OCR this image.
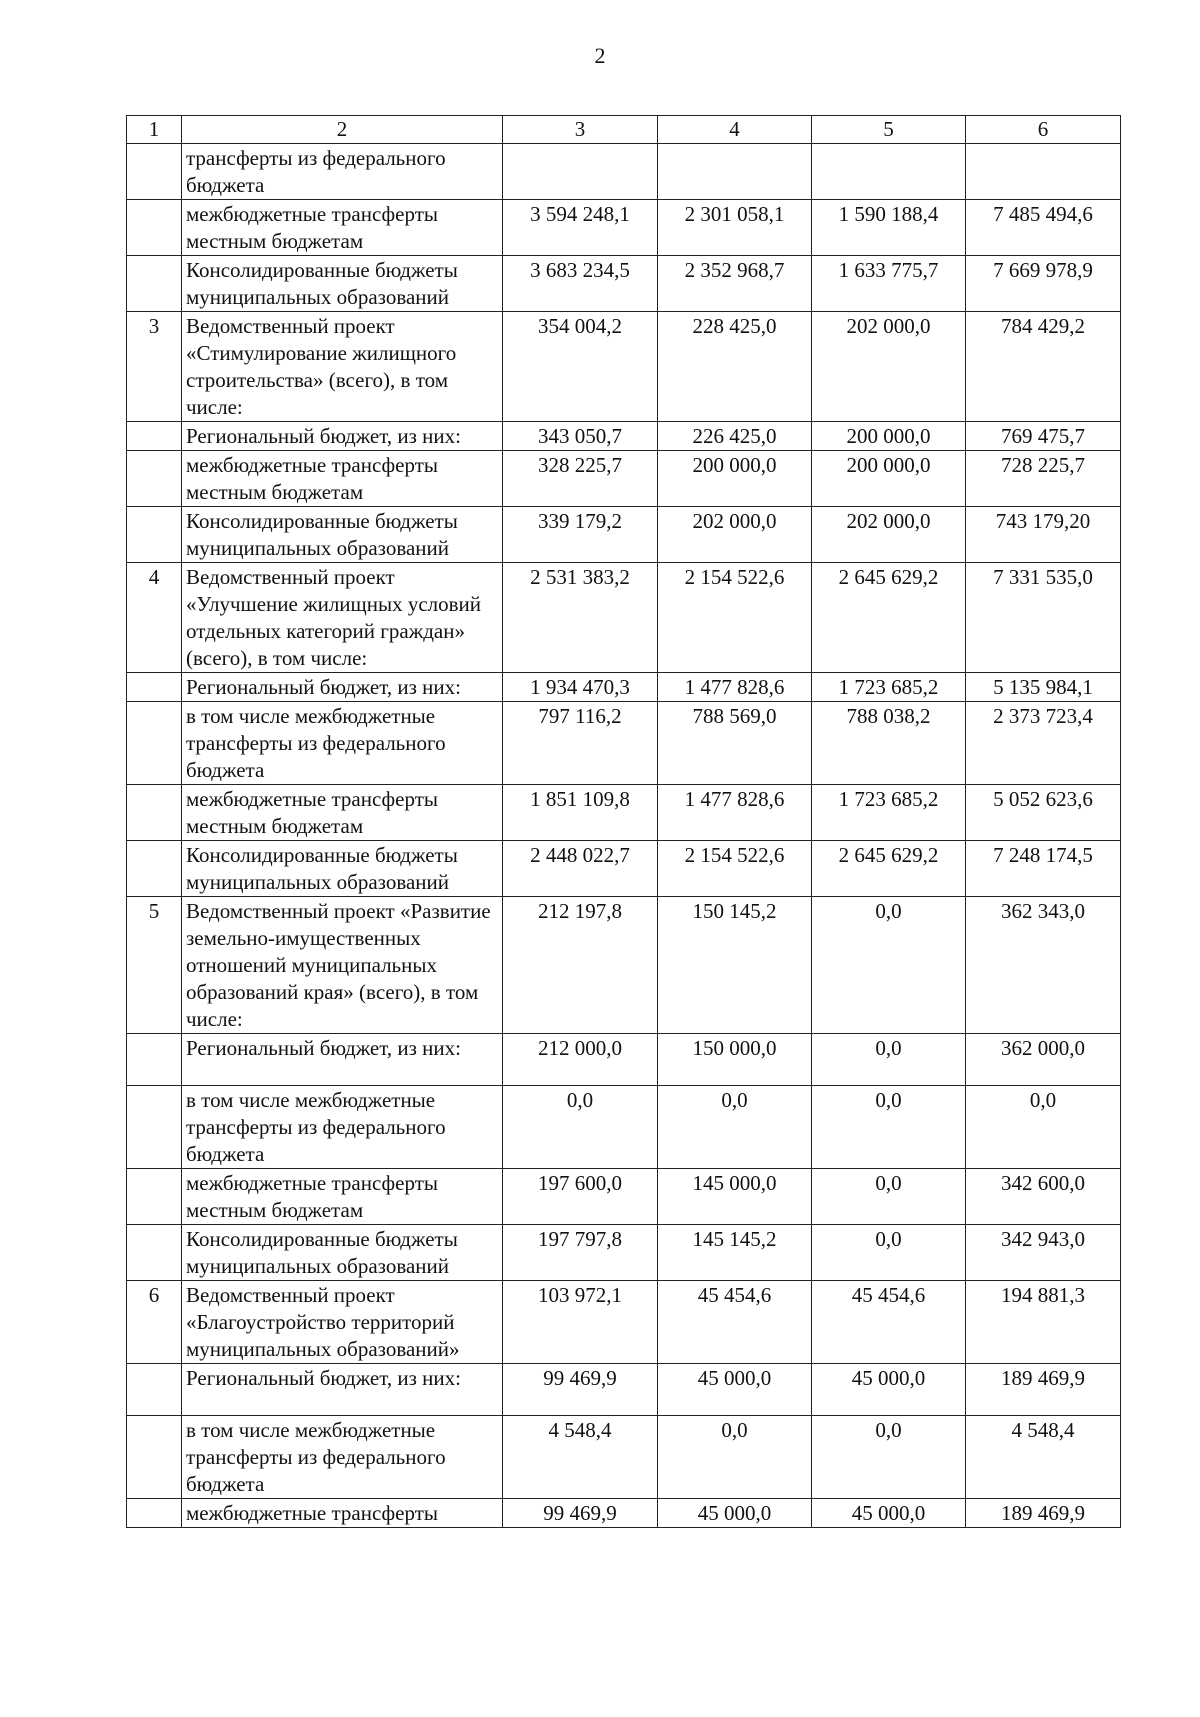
2
1	2	3	4	5	6
	трансферты из федерального бюджета				
	межбюджетные трансферты местным бюджетам	3 594 248,1	2 301 058,1	1 590 188,4	7 485 494,6
	Консолидированные бюджеты муниципальных образований	3 683 234,5	2 352 968,7	1 633 775,7	7 669 978,9
3	Ведомственный проект «Стимулирование жилищного строительства» (всего), в том числе:	354 004,2	228 425,0	202 000,0	784 429,2
	Региональный бюджет, из них:	343 050,7	226 425,0	200 000,0	769 475,7
	межбюджетные трансферты местным бюджетам	328 225,7	200 000,0	200 000,0	728 225,7
	Консолидированные бюджеты муниципальных образований	339 179,2	202 000,0	202 000,0	743 179,20
4	Ведомственный проект «Улучшение жилищных условий отдельных категорий граждан» (всего), в том числе:	2 531 383,2	2 154 522,6	2 645 629,2	7 331 535,0
	Региональный бюджет, из них:	1 934 470,3	1 477 828,6	1 723 685,2	5 135 984,1
	в том числе межбюджетные трансферты из федерального бюджета	797 116,2	788 569,0	788 038,2	2 373 723,4
	межбюджетные трансферты местным бюджетам	1 851 109,8	1 477 828,6	1 723 685,2	5 052 623,6
	Консолидированные бюджеты муниципальных образований	2 448 022,7	2 154 522,6	2 645 629,2	7 248 174,5
5	Ведомственный проект «Развитие земельно-имущественных отношений муниципальных образований края» (всего), в том числе:	212 197,8	150 145,2	0,0	362 343,0
	Региональный бюджет, из них:	212 000,0	150 000,0	0,0	362 000,0
	в том числе межбюджетные трансферты из федерального бюджета	0,0	0,0	0,0	0,0
	межбюджетные трансферты местным бюджетам	197 600,0	145 000,0	0,0	342 600,0
	Консолидированные бюджеты муниципальных образований	197 797,8	145 145,2	0,0	342 943,0
6	Ведомственный проект «Благоустройство территорий муниципальных образований»	103 972,1	45 454,6	45 454,6	194 881,3
	Региональный бюджет, из них:	99 469,9	45 000,0	45 000,0	189 469,9
	в том числе межбюджетные трансферты из федерального бюджета	4 548,4	0,0	0,0	4 548,4
	межбюджетные трансферты	99 469,9	45 000,0	45 000,0	189 469,9
